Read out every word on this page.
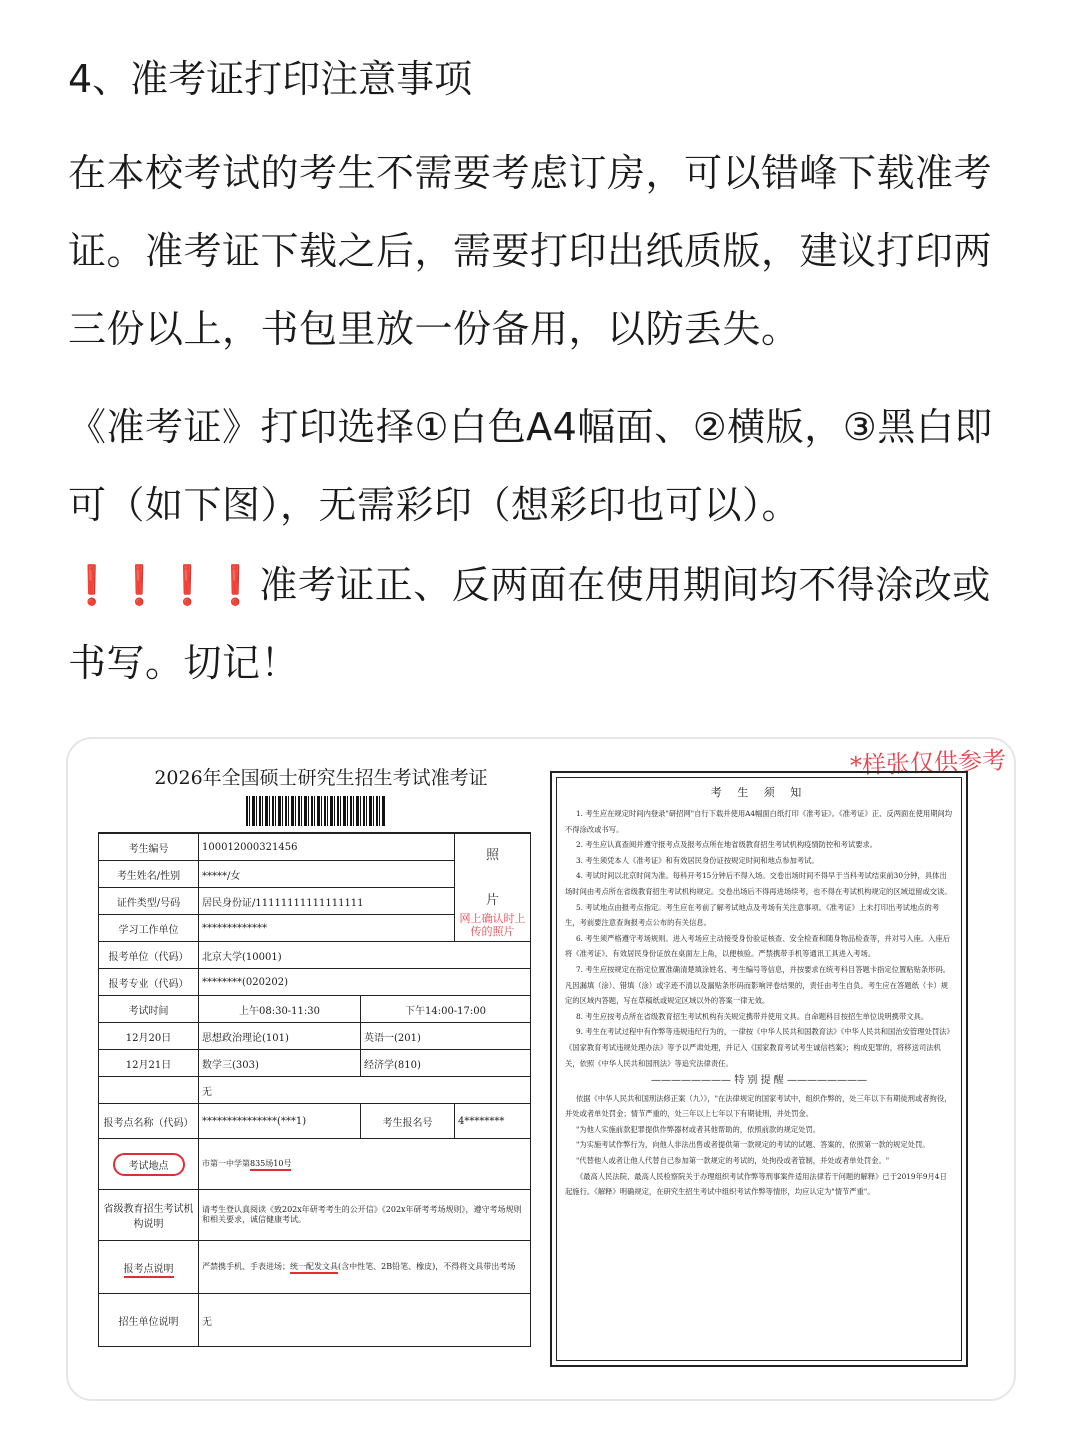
4、准考证打印注意事项

在本校考试的考生不需要考虑订房，可以错峰下载准考证。准考证下载之后，需要打印出纸质版，建议打印两三份以上，书包里放一份备用，以防丢失。

《准考证》打印选择①白色A4幅面、②横版，③黑白即可（如下图），无需彩印（想彩印也可以）。

❗❗❗❗准考证正、反两面在使用期间均不得涂改或书写。切记！

*样张仅供参考
2026年全国硕士研究生招生考试准考证
考生编号	100012000321456		照
片
网上确认时上传的照片

考生姓名/性别	*****/女		
证件类型/号码	居民身份证/11111111111111111		
学习工作单位	*************		
报考单位（代码）	北京大学(10001)		
报考专业（代码）	********(020202)		
考试时间	上午08:30-11:30	下午14:00-17:00	
12月20日	思想政治理论(101)	英语一(201)	
12月21日	数学三(303)	经济学(810)	
	无		
报考点名称（代码）	***************(***1)	考生报名号	4********
考试地点	市第一中学第835场10号		
省级教育招生考试机构说明	请考生登认真阅读《致202x年研考考生的公开信》《202x年研考考场规则》，遵守考场规则和相关要求，诚信健康考试。		
报考点说明	严禁携手机、手表进场；统一配发文具(含中性笔、2B铅笔、橡皮)，不得将文具带出考场		
招生单位说明	无		
考 生 须 知

1. 考生应在规定时间内登录"研招网"自行下载并使用A4幅面白纸打印《准考证》。《准考证》正、反两面在使用期间均不得涂改或书写。

2. 考生应认真查阅并遵守报考点及报考点所在地省级教育招生考试机构疫情防控和考试要求。

3. 考生须凭本人《准考证》和有效居民身份证按规定时间和地点参加考试。

4. 考试时间以北京时间为准。每科开考15分钟后不得入场。交卷出场时间不得早于当科考试结束前30分钟，具体出场时间由考点所在省级教育招生考试机构规定。交卷出场后不得再进场续考，也不得在考试机构规定的区域逗留或交谈。

5. 考试地点由报考点指定。考生应在考前了解考试地点及考场有关注意事项。《准考证》上未打印出考试地点的考生，考前要注意查询报考点公布的有关信息。

6. 考生须严格遵守考场规则。进入考场应主动接受身份验证核查、安全检查和随身物品检查等，并对号入座。入座后将《准考证》、有效居民身份证放在桌面左上角，以便核验。严禁携带手机等通讯工具进入考场。

7. 考生应按规定在指定位置准确清楚填涂姓名、考生编号等信息，并按要求在统考科目答题卡指定位置粘贴条形码。凡因漏填（涂）、错填（涂）或字迹不清以及漏贴条形码而影响评卷结果的，责任由考生自负。考生应在答题纸（卡）规定的区域内答题，写在草稿纸或规定区域以外的答案一律无效。

8. 考生应按考点所在省级教育招生考试机构有关规定携带并使用文具。自命题科目按招生单位说明携带文具。

9. 考生在考试过程中有作弊等违规违纪行为的，一律按《中华人民共和国教育法》《中华人民共和国治安管理处罚法》《国家教育考试违规处理办法》等予以严肃处理，并记入《国家教育考试考生诚信档案》；构成犯罪的，将移送司法机关，依照《中华人民共和国刑法》等追究法律责任。

———————— 特 别 提 醒 ————————

依据《中华人民共和国刑法修正案（九）》，"在法律规定的国家考试中，组织作弊的，处三年以下有期徒刑或者拘役，并处或者单处罚金；情节严重的，处三年以上七年以下有期徒刑，并处罚金。

"为他人实施前款犯罪提供作弊器材或者其他帮助的，依照前款的规定处罚。

"为实施考试作弊行为，向他人非法出售或者提供第一款规定的考试的试题、答案的，依照第一款的规定处罚。

"代替他人或者让他人代替自己参加第一款规定的考试的，处拘役或者管制，并处或者单处罚金。"

《最高人民法院、最高人民检察院关于办理组织考试作弊等刑事案件适用法律若干问题的解释》已于2019年9月4日起施行。《解释》明确规定，在研究生招生考试中组织考试作弊等情形，均应认定为"情节严重"。
